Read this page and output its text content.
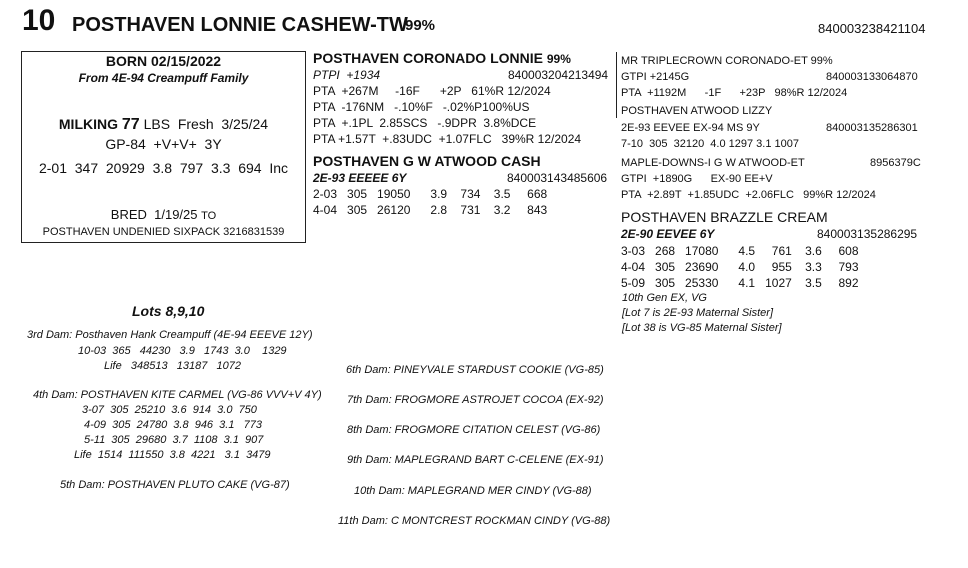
10 POSTHAVEN LONNIE CASHEW-TW
99%	840003238421104
BORN 02/15/2022
From 4E-94 Creampuff Family
MILKING 77 LBS  Fresh  3/25/24
GP-84  +V+V+  3Y
2-01  347  20929  3.8  797  3.3  694  Inc
BRED  1/19/25 TO
POSTHAVEN UNDENIED SIXPACK 3216831539
POSTHAVEN CORONADO LONNIE 99%
PTPI  +1934	840003204213494
PTA  +267M     -16F      +2P   61%R 12/2024
PTA  -176NM   -.10%F   -.02%P100%US
PTA  +.1PL  2.85SCS   -.9DPR  3.8%DCE
PTA +1.57T  +.83UDC  +1.07FLC   39%R 12/2024
POSTHAVEN G W ATWOOD CASH
2E-93 EEEEE 6Y	840003143485606
2-03   305   19050      3.9    734    3.5     668
4-04   305   26120      2.8    731    3.2     843
MR TRIPLECROWN CORONADO-ET 99%
GTPI +2145G	840003133064870
PTA  +1192M      -1F      +23P   98%R 12/2024
POSTHAVEN ATWOOD LIZZY
2E-93 EEVEE EX-94 MS 9Y	840003135286301
7-10  305  32120  4.0 1297 3.1 1007
MAPLE-DOWNS-I G W ATWOOD-ET	8956379C
GTPI  +1890G      EX-90 EE+V
PTA  +2.89T  +1.85UDC  +2.06FLC   99%R 12/2024
POSTHAVEN BRAZZLE CREAM
2E-90 EEVEE 6Y	840003135286295
3-03   268   17080      4.5     761    3.6     608
4-04   305   23690      4.0     955    3.3     793
5-09   305   25330      4.1   1027    3.5     892
10th Gen EX, VG
[Lot 7 is 2E-93 Maternal Sister]
[Lot 38 is VG-85 Maternal Sister]
Lots 8,9,10
3rd Dam: Posthaven Hank Creampuff (4E-94 EEEVE 12Y)
10-03  365   44230   3.9   1743  3.0    1329
Life   348513   13187   1072
4th Dam: POSTHAVEN KITE CARMEL (VG-86 VVV+V 4Y)
3-07  305  25210  3.6  914  3.0  750
4-09  305  24780  3.8  946  3.1   773
5-11  305  29680  3.7  1108  3.1  907
Life  1514  111550  3.8  4221   3.1  3479
5th Dam: POSTHAVEN PLUTO CAKE (VG-87)
6th Dam: PINEYVALE STARDUST COOKIE (VG-85)
7th Dam: FROGMORE ASTROJET COCOA (EX-92)
8th Dam: FROGMORE CITATION CELEST (VG-86)
9th Dam: MAPLEGRAND BART C-CELENE (EX-91)
10th Dam: MAPLEGRAND MER CINDY (VG-88)
11th Dam: C MONTCREST ROCKMAN CINDY (VG-88)
